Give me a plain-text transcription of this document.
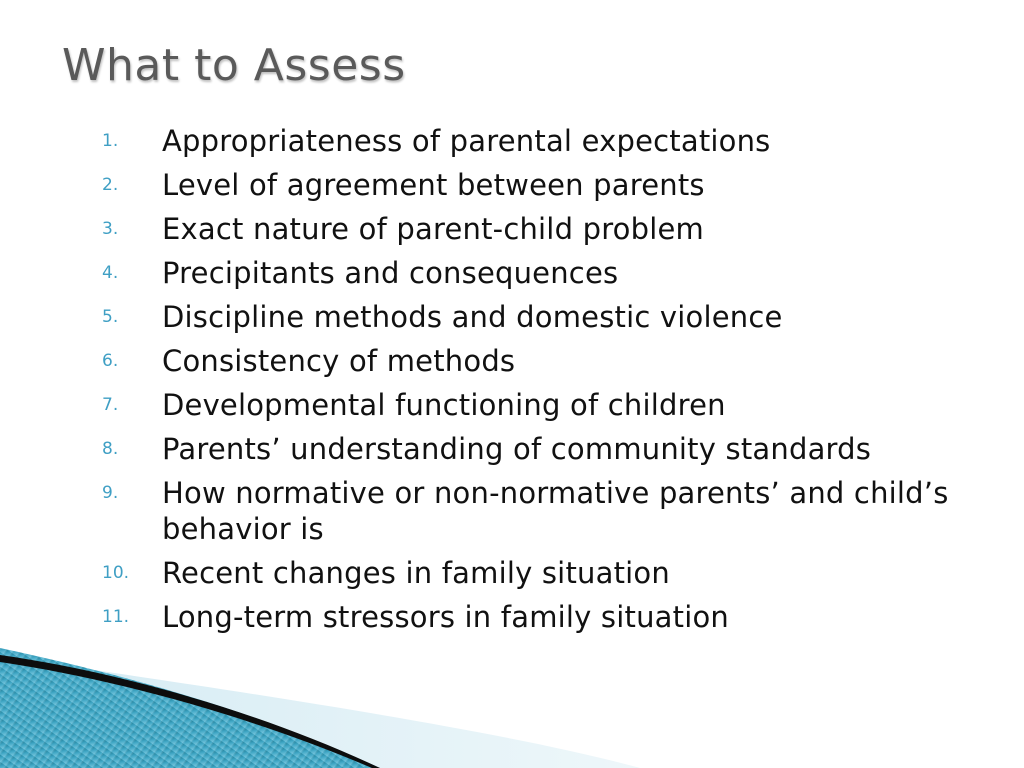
What to Assess
1.	Appropriateness of parental expectations
2.	Level of agreement between parents
3.	Exact nature of parent-child problem
4.	Precipitants and consequences
5.	Discipline methods and domestic violence
6.	Consistency of methods
7.	Developmental functioning of children
8.	Parents’ understanding of community standards
9.	How normative or non-normative parents’ and child’s behavior is
10.	Recent changes in family situation
11.	Long-term stressors in family situation
